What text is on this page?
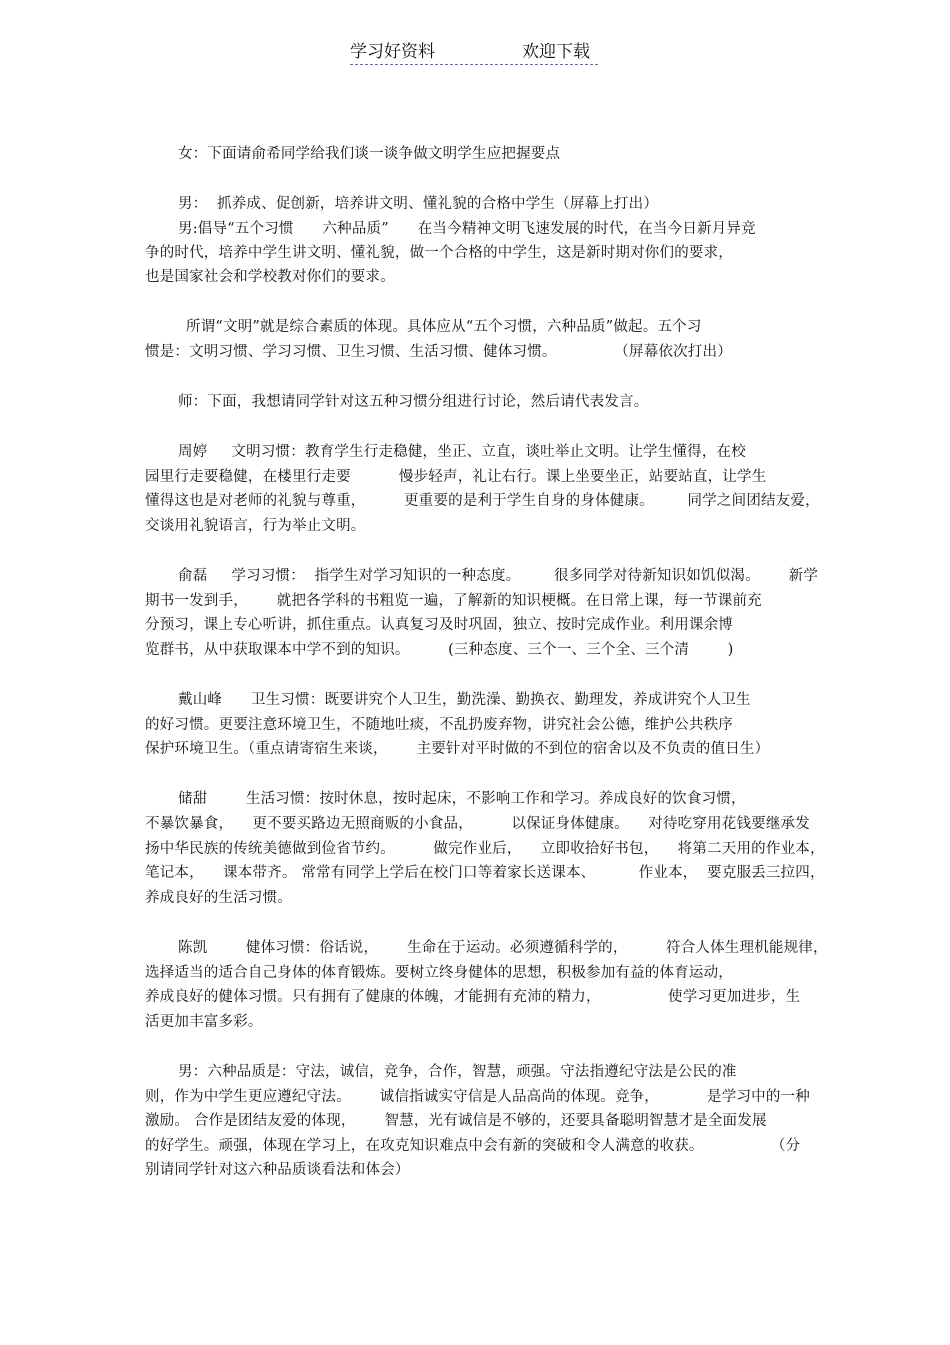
学习好资料	欢迎下载
女：下面请俞希同学给我们谈一谈争做文明学生应把握要点
男：  抓养成、促创新，培养讲文明、懂礼貌的合格中学生（屏幕上打出）
男:倡导“五个习惯      六种品质”      在当今精神文明飞速发展的时代，在当今日新月异竞
争的时代，培养中学生讲文明、懂礼貌，做一个合格的中学生，这是新时期对你们的要求，
也是国家社会和学校教对你们的要求。
所谓“文明”就是综合素质的体现。具体应从“五个习惯，六种品质”做起。五个习
惯是：文明习惯、学习习惯、卫生习惯、生活习惯、健体习惯。            （屏幕依次打出）
师：下面，我想请同学针对这五种习惯分组进行讨论，然后请代表发言。
周婷     文明习惯：教育学生行走稳健，坐正、立直，谈吐举止文明。让学生懂得，在校
园里行走要稳健，在楼里行走要          慢步轻声，礼让右行。课上坐要坐正，站要站直，让学生
懂得这也是对老师的礼貌与尊重，        更重要的是利于学生自身的身体健康。       同学之间团结友爱，
交谈用礼貌语言，行为举止文明。
俞磊     学习习惯：  指学生对学习知识的一种态度。       很多同学对待新知识如饥似渴。      新学
期书一发到手，      就把各学科的书粗览一遍，了解新的知识梗概。在日常上课，每一节课前充
分预习，课上专心听讲，抓住重点。认真复习及时巩固，独立、按时完成作业。利用课余博
览群书，从中获取课本中学不到的知识。        (三种态度、三个一、三个全、三个清        )
戴山峰      卫生习惯：既要讲究个人卫生，勤洗澡、勤换衣、勤理发，养成讲究个人卫生
的好习惯。更要注意环境卫生，不随地吐痰，不乱扔废弃物，讲究社会公德，维护公共秩序
保护环境卫生。（重点请寄宿生来谈，      主要针对平时做的不到位的宿舍以及不负责的值日生）
储甜        生活习惯：按时休息，按时起床，不影响工作和学习。养成良好的饮食习惯，
不暴饮暴食，    更不要买路边无照商贩的小食品，        以保证身体健康。    对待吃穿用花钱要继承发
扬中华民族的传统美德做到俭省节约。        做完作业后，    立即收拾好书包，    将第二天用的作业本，
笔记本，    课本带齐。 常常有同学上学后在校门口等着家长送课本、         作业本，  要克服丢三拉四，
养成良好的生活习惯。
陈凯        健体习惯：俗话说，      生命在于运动。必须遵循科学的，        符合人体生理机能规律，
选择适当的适合自己身体的体育锻炼。要树立终身健体的思想，积极参加有益的体育运动，
养成良好的健体习惯。只有拥有了健康的体魄，才能拥有充沛的精力，              使学习更加进步，生
活更加丰富多彩。
男：六种品质是：守法，诚信，竞争，合作，智慧，顽强。守法指遵纪守法是公民的准
则，作为中学生更应遵纪守法。      诚信指诚实守信是人品高尚的体现。竞争，          是学习中的一种
激励。 合作是团结友爱的体现，      智慧，光有诚信是不够的，还要具备聪明智慧才是全面发展
的好学生。顽强，体现在学习上，在攻克知识难点中会有新的突破和令人满意的收获。              （分
别请同学针对这六种品质谈看法和体会）
